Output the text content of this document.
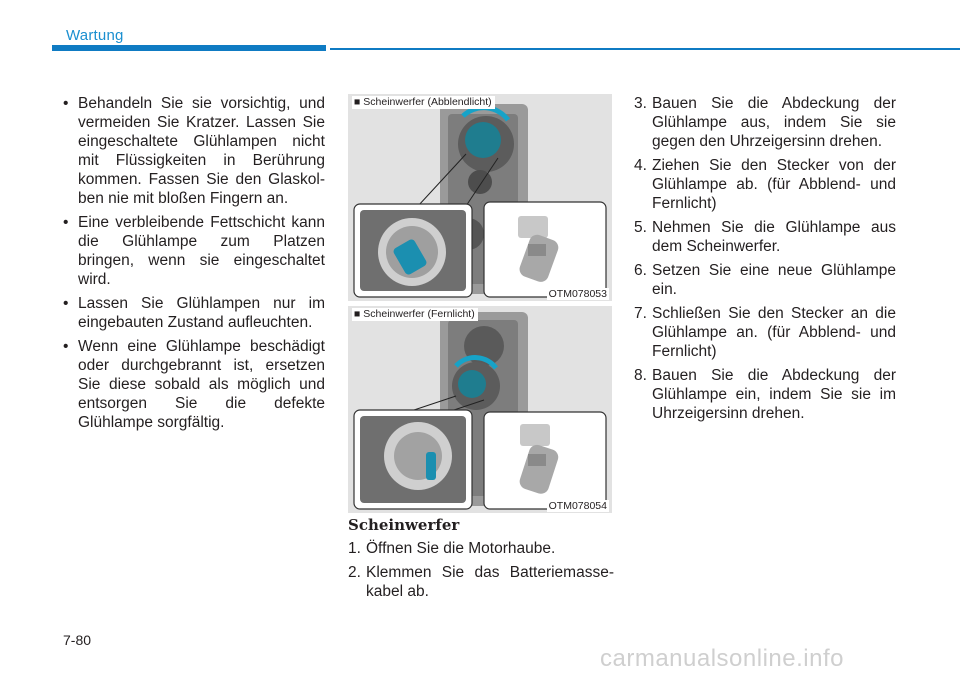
Wartung
• Behandeln Sie sie vorsichtig, und vermeiden Sie Kratzer. Lassen Sie eingeschaltete Glühlampen nicht mit Flüssigkeiten in Berührung kommen. Fassen Sie den Glaskol-ben nie mit bloßen Fingern an.
• Eine verbleibende Fettschicht kann die Glühlampe zum Platzen bringen, wenn sie eingeschaltet wird.
• Lassen Sie Glühlampen nur im eingebauten Zustand aufleuchten.
• Wenn eine Glühlampe beschädigt oder durchgebrannt ist, ersetzen Sie diese sobald als möglich und entsorgen Sie die defekte Glühlampe sorgfältig.
■ Scheinwerfer (Abblendlicht)
OTM078053
■ Scheinwerfer (Fernlicht)
OTM078054
Scheinwerfer
1. Öffnen Sie die Motorhaube.
2. Klemmen Sie das Batteriemasse-kabel ab.
3. Bauen Sie die Abdeckung der Glühlampe aus, indem Sie sie gegen den Uhrzeigersinn drehen.
4. Ziehen Sie den Stecker von der Glühlampe ab. (für Abblend- und Fernlicht)
5. Nehmen Sie die Glühlampe aus dem Scheinwerfer.
6. Setzen Sie eine neue Glühlampe ein.
7. Schließen Sie den Stecker an die Glühlampe an. (für Abblend- und Fernlicht)
8. Bauen Sie die Abdeckung der Glühlampe ein, indem Sie sie im Uhrzeigersinn drehen.
7-80
carmanualsonline.info
